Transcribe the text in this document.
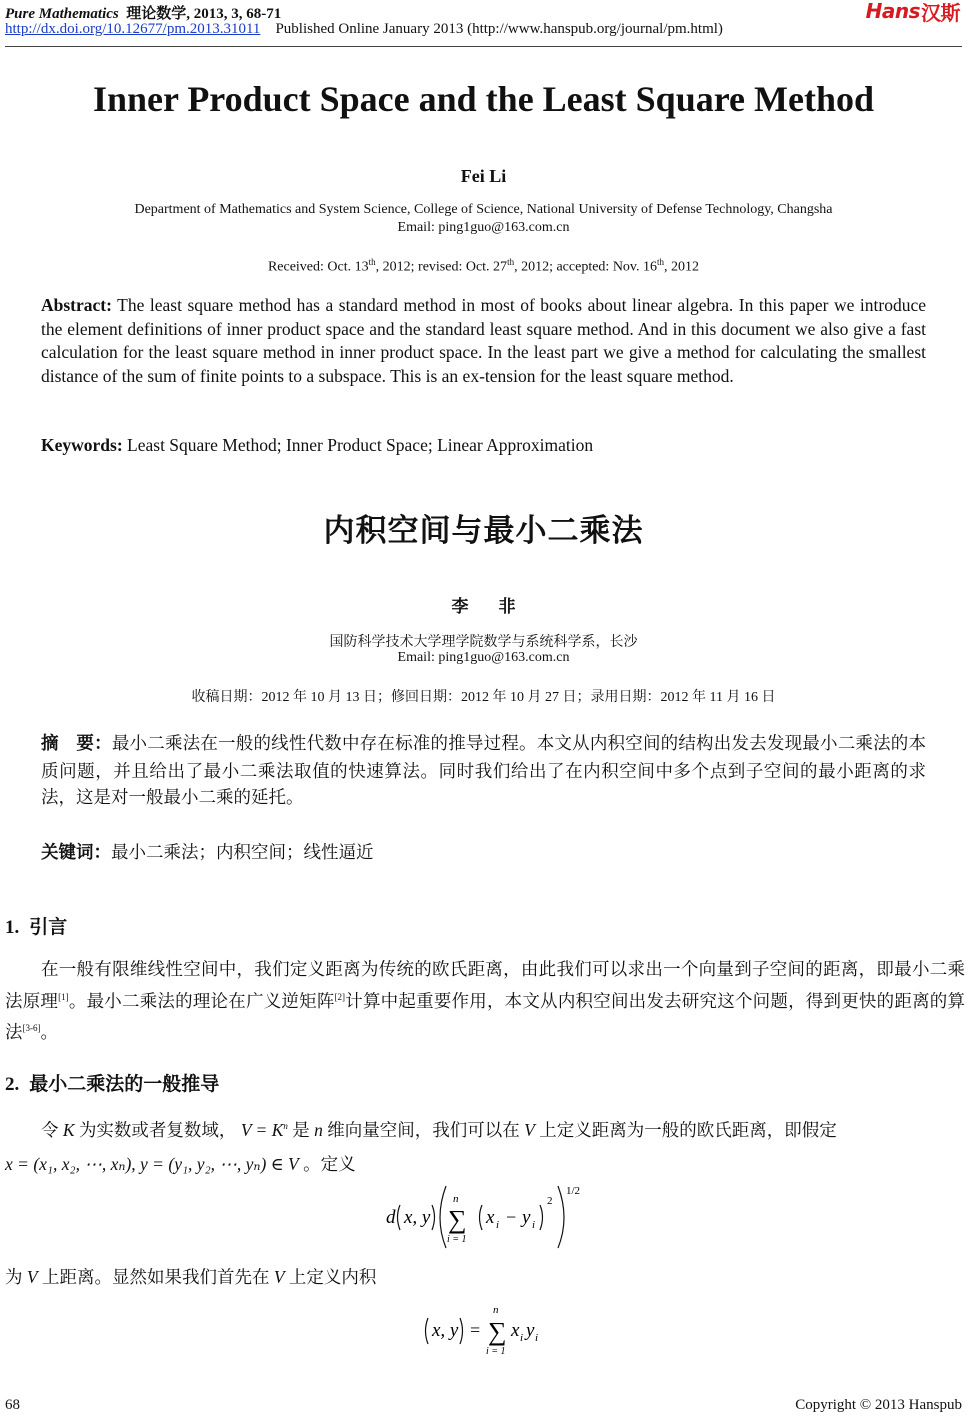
Pure Mathematics 理论数学, 2013, 3, 68-71
http://dx.doi.org/10.12677/pm.2013.31011 Published Online January 2013 (http://www.hanspub.org/journal/pm.html)
Hans 汉斯
Inner Product Space and the Least Square Method
Fei Li
Department of Mathematics and System Science, College of Science, National University of Defense Technology, Changsha
Email: ping1guo@163.com.cn
Received: Oct. 13th, 2012; revised: Oct. 27th, 2012; accepted: Nov. 16th, 2012
Abstract: The least square method has a standard method in most of books about linear algebra. In this paper we introduce the element definitions of inner product space and the standard least square method. And in this document we also give a fast calculation for the least square method in inner product space. In the least part we give a method for calculating the smallest distance of the sum of finite points to a subspace. This is an ex-tension for the least square method.
Keywords: Least Square Method; Inner Product Space; Linear Approximation
内积空间与最小二乘法
李 非
国防科学技术大学理学院数学与系统科学系，长沙
Email: ping1guo@163.com.cn
收稿日期：2012 年 10 月 13 日；修回日期：2012 年 10 月 27 日；录用日期：2012 年 11 月 16 日
摘　要：最小二乘法在一般的线性代数中存在标准的推导过程。本文从内积空间的结构出发去发现最小二乘法的本质问题，并且给出了最小二乘法取值的快速算法。同时我们给出了在内积空间中多个点到子空间的最小距离的求法，这是对一般最小二乘的延托。
关键词：最小二乘法；内积空间；线性逼近
1. 引言
在一般有限维线性空间中，我们定义距离为传统的欧氏距离，由此我们可以求出一个向量到子空间的距离，即最小二乘法原理[1]。最小二乘法的理论在广义逆矩阵[2]计算中起重要作用，本文从内积空间出发去研究这个问题，得到更快的距离的算法[3-6]。
2. 最小二乘法的一般推导
令 K 为实数或者复数域， $V = K^n$ 是 n 维向量空间，我们可以在 V 上定义距离为一般的欧氏距离，即假定
x = (x₁, x₂, ⋯, xₙ), y = (y₁, y₂, ⋯, yₙ) ∈ V 。定义
d x, y
n
∑
i = 1
x i − y i
2
1/2
为 V 上距离。显然如果我们首先在 V 上定义内积
x, y =
n
∑
i = 1
x i y i
68	Copyright © 2013 Hanspub
